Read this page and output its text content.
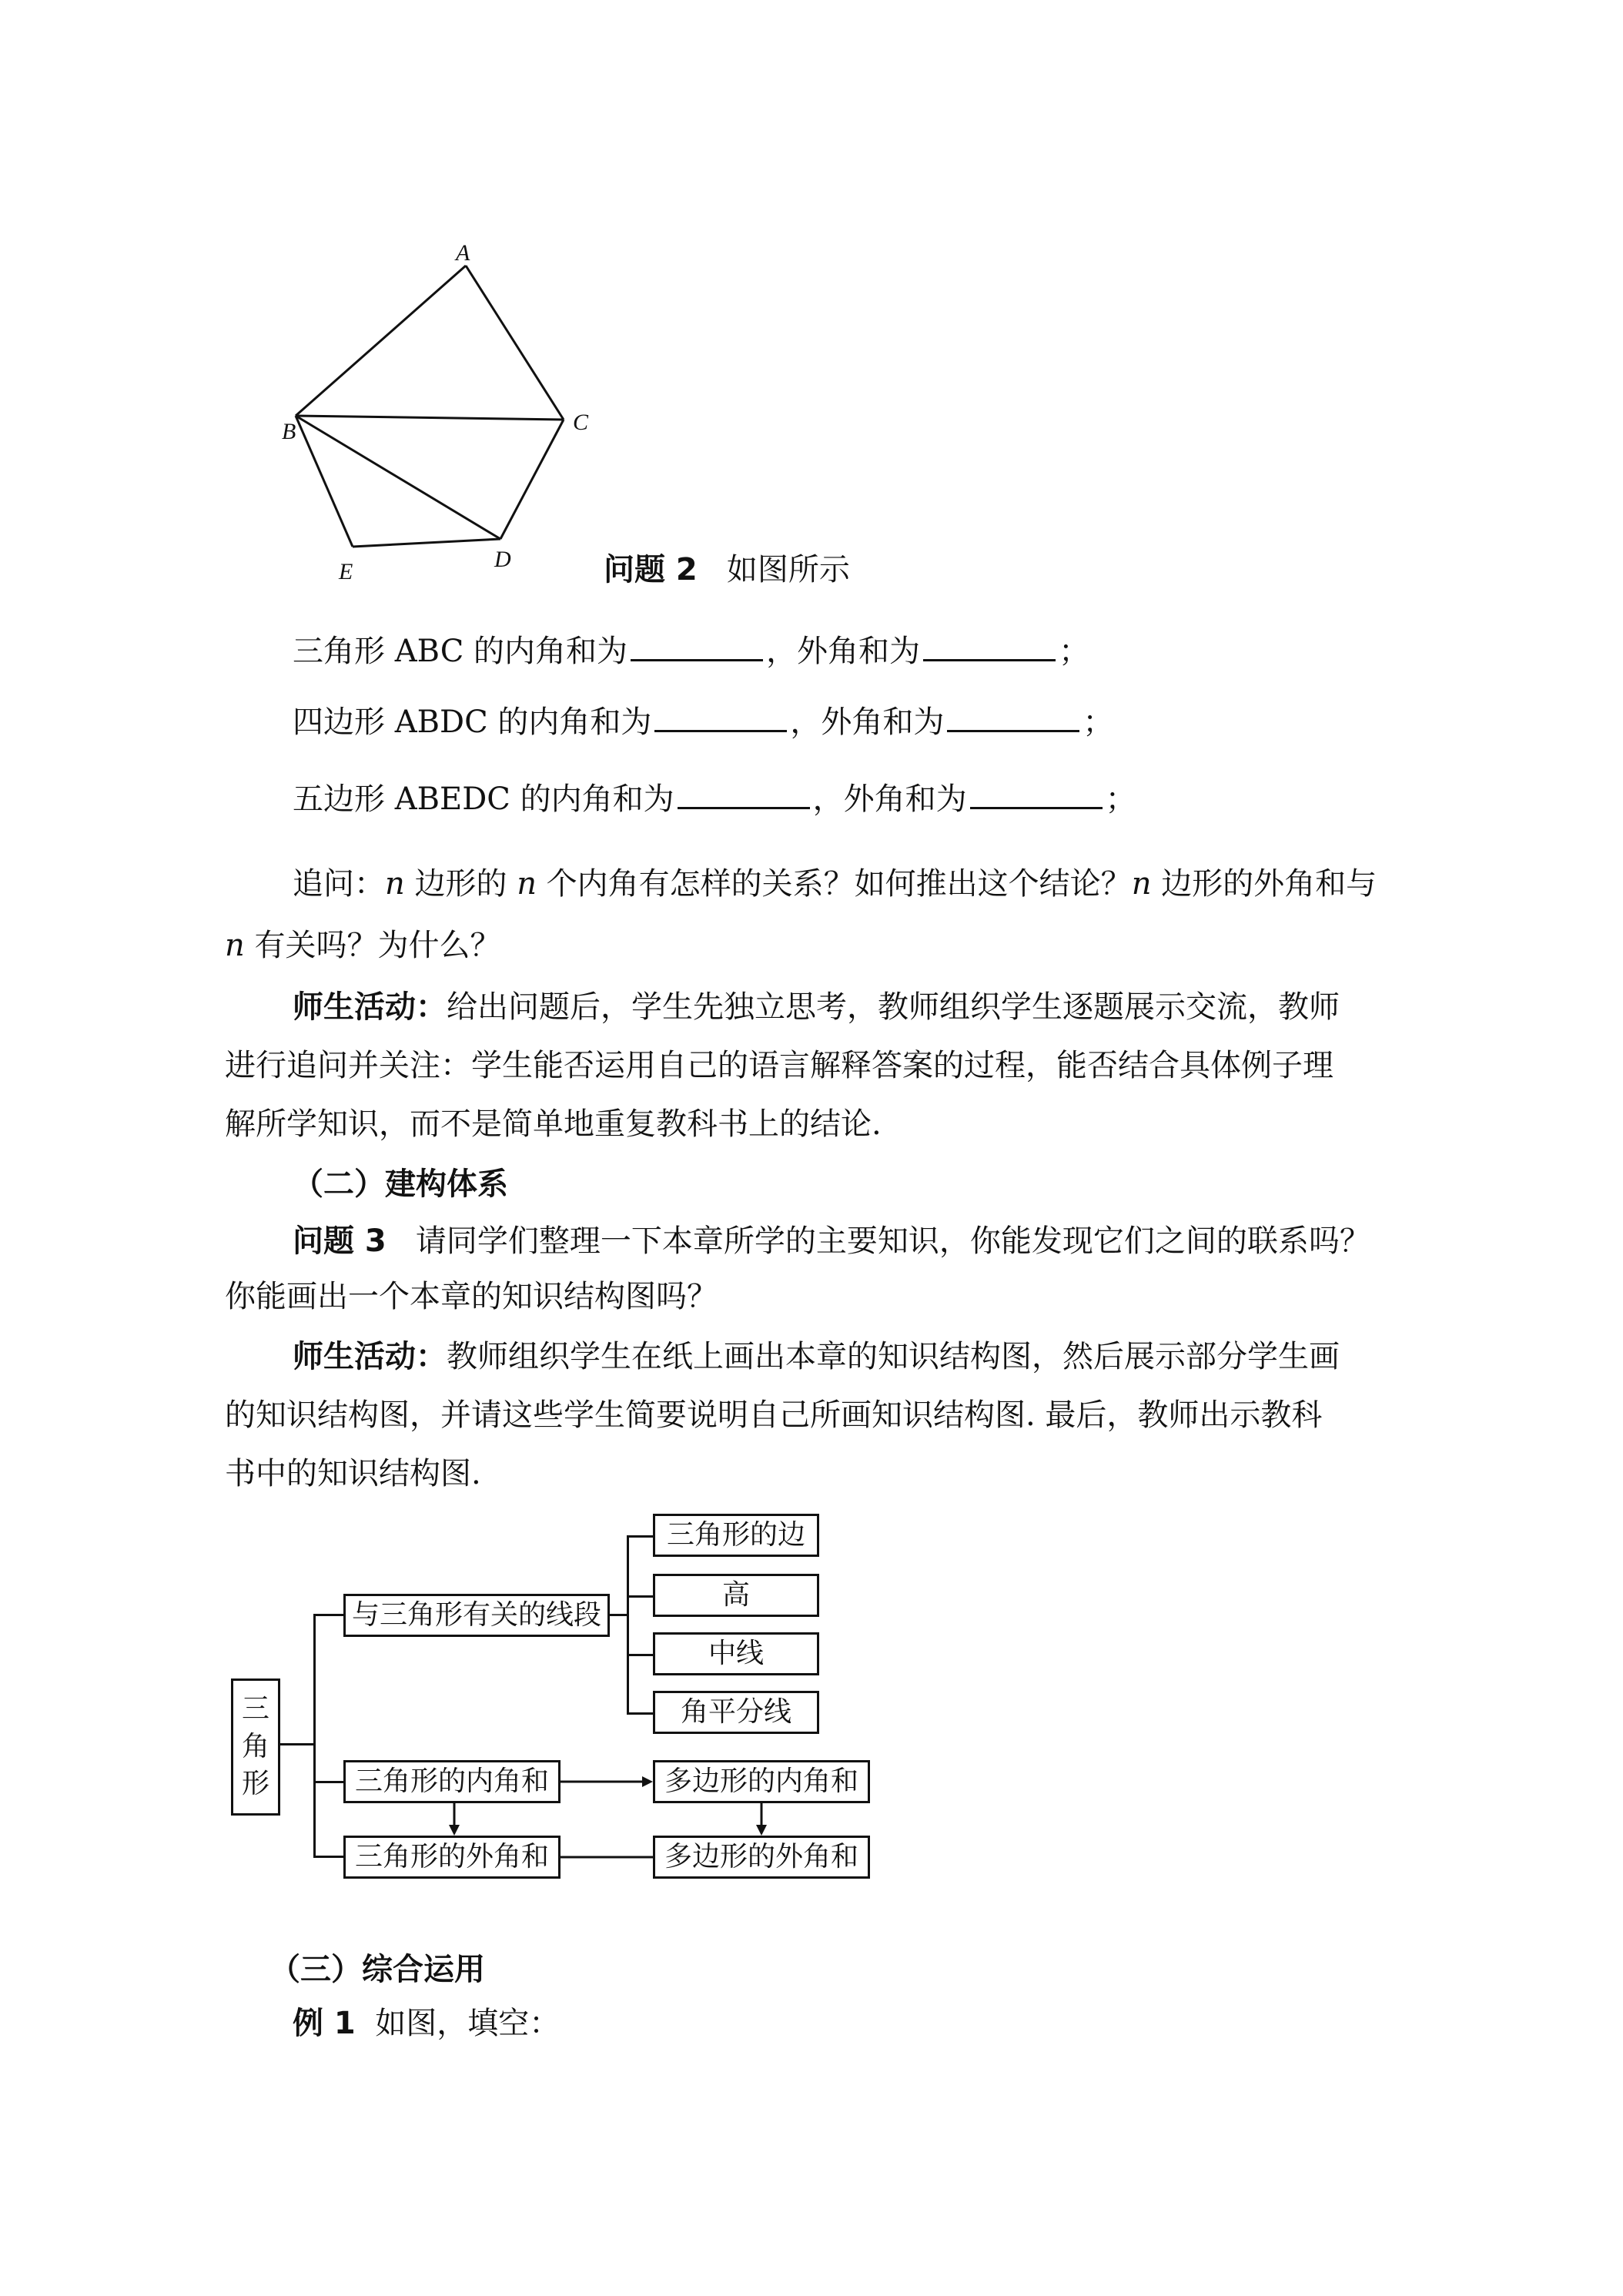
A
B	C
D
E	问题 2 如图所示
三角形 ABC 的内角和为	，外角和为	；
四边形 ABDC 的内角和为	，外角和为	；
五边形 ABEDC 的内角和为	，外角和为	；
追问：n 边形的 n 个内角有怎样的关系？如何推出这个结论？n 边形的外角和与
n 有关吗？为什么？
师生活动：给出问题后，学生先独立思考，教师组织学生逐题展示交流，教师
进行追问并关注：学生能否运用自己的语言解释答案的过程，能否结合具体例子理
解所学知识，而不是简单地重复教科书上的结论.
（二）建构体系
问题 3 请同学们整理一下本章所学的主要知识，你能发现它们之间的联系吗？
你能画出一个本章的知识结构图吗？
师生活动：教师组织学生在纸上画出本章的知识结构图，然后展示部分学生画
的知识结构图，并请这些学生简要说明自己所画知识结构图. 最后，教师出示教科
书中的知识结构图.
三
角
形
与三角形有关的线段
三角形的内角和
三角形的外角和
三角形的边
高
中线
角平分线
多边形的内角和
多边形的外角和
（三）综合运用
例 1 如图，填空：
